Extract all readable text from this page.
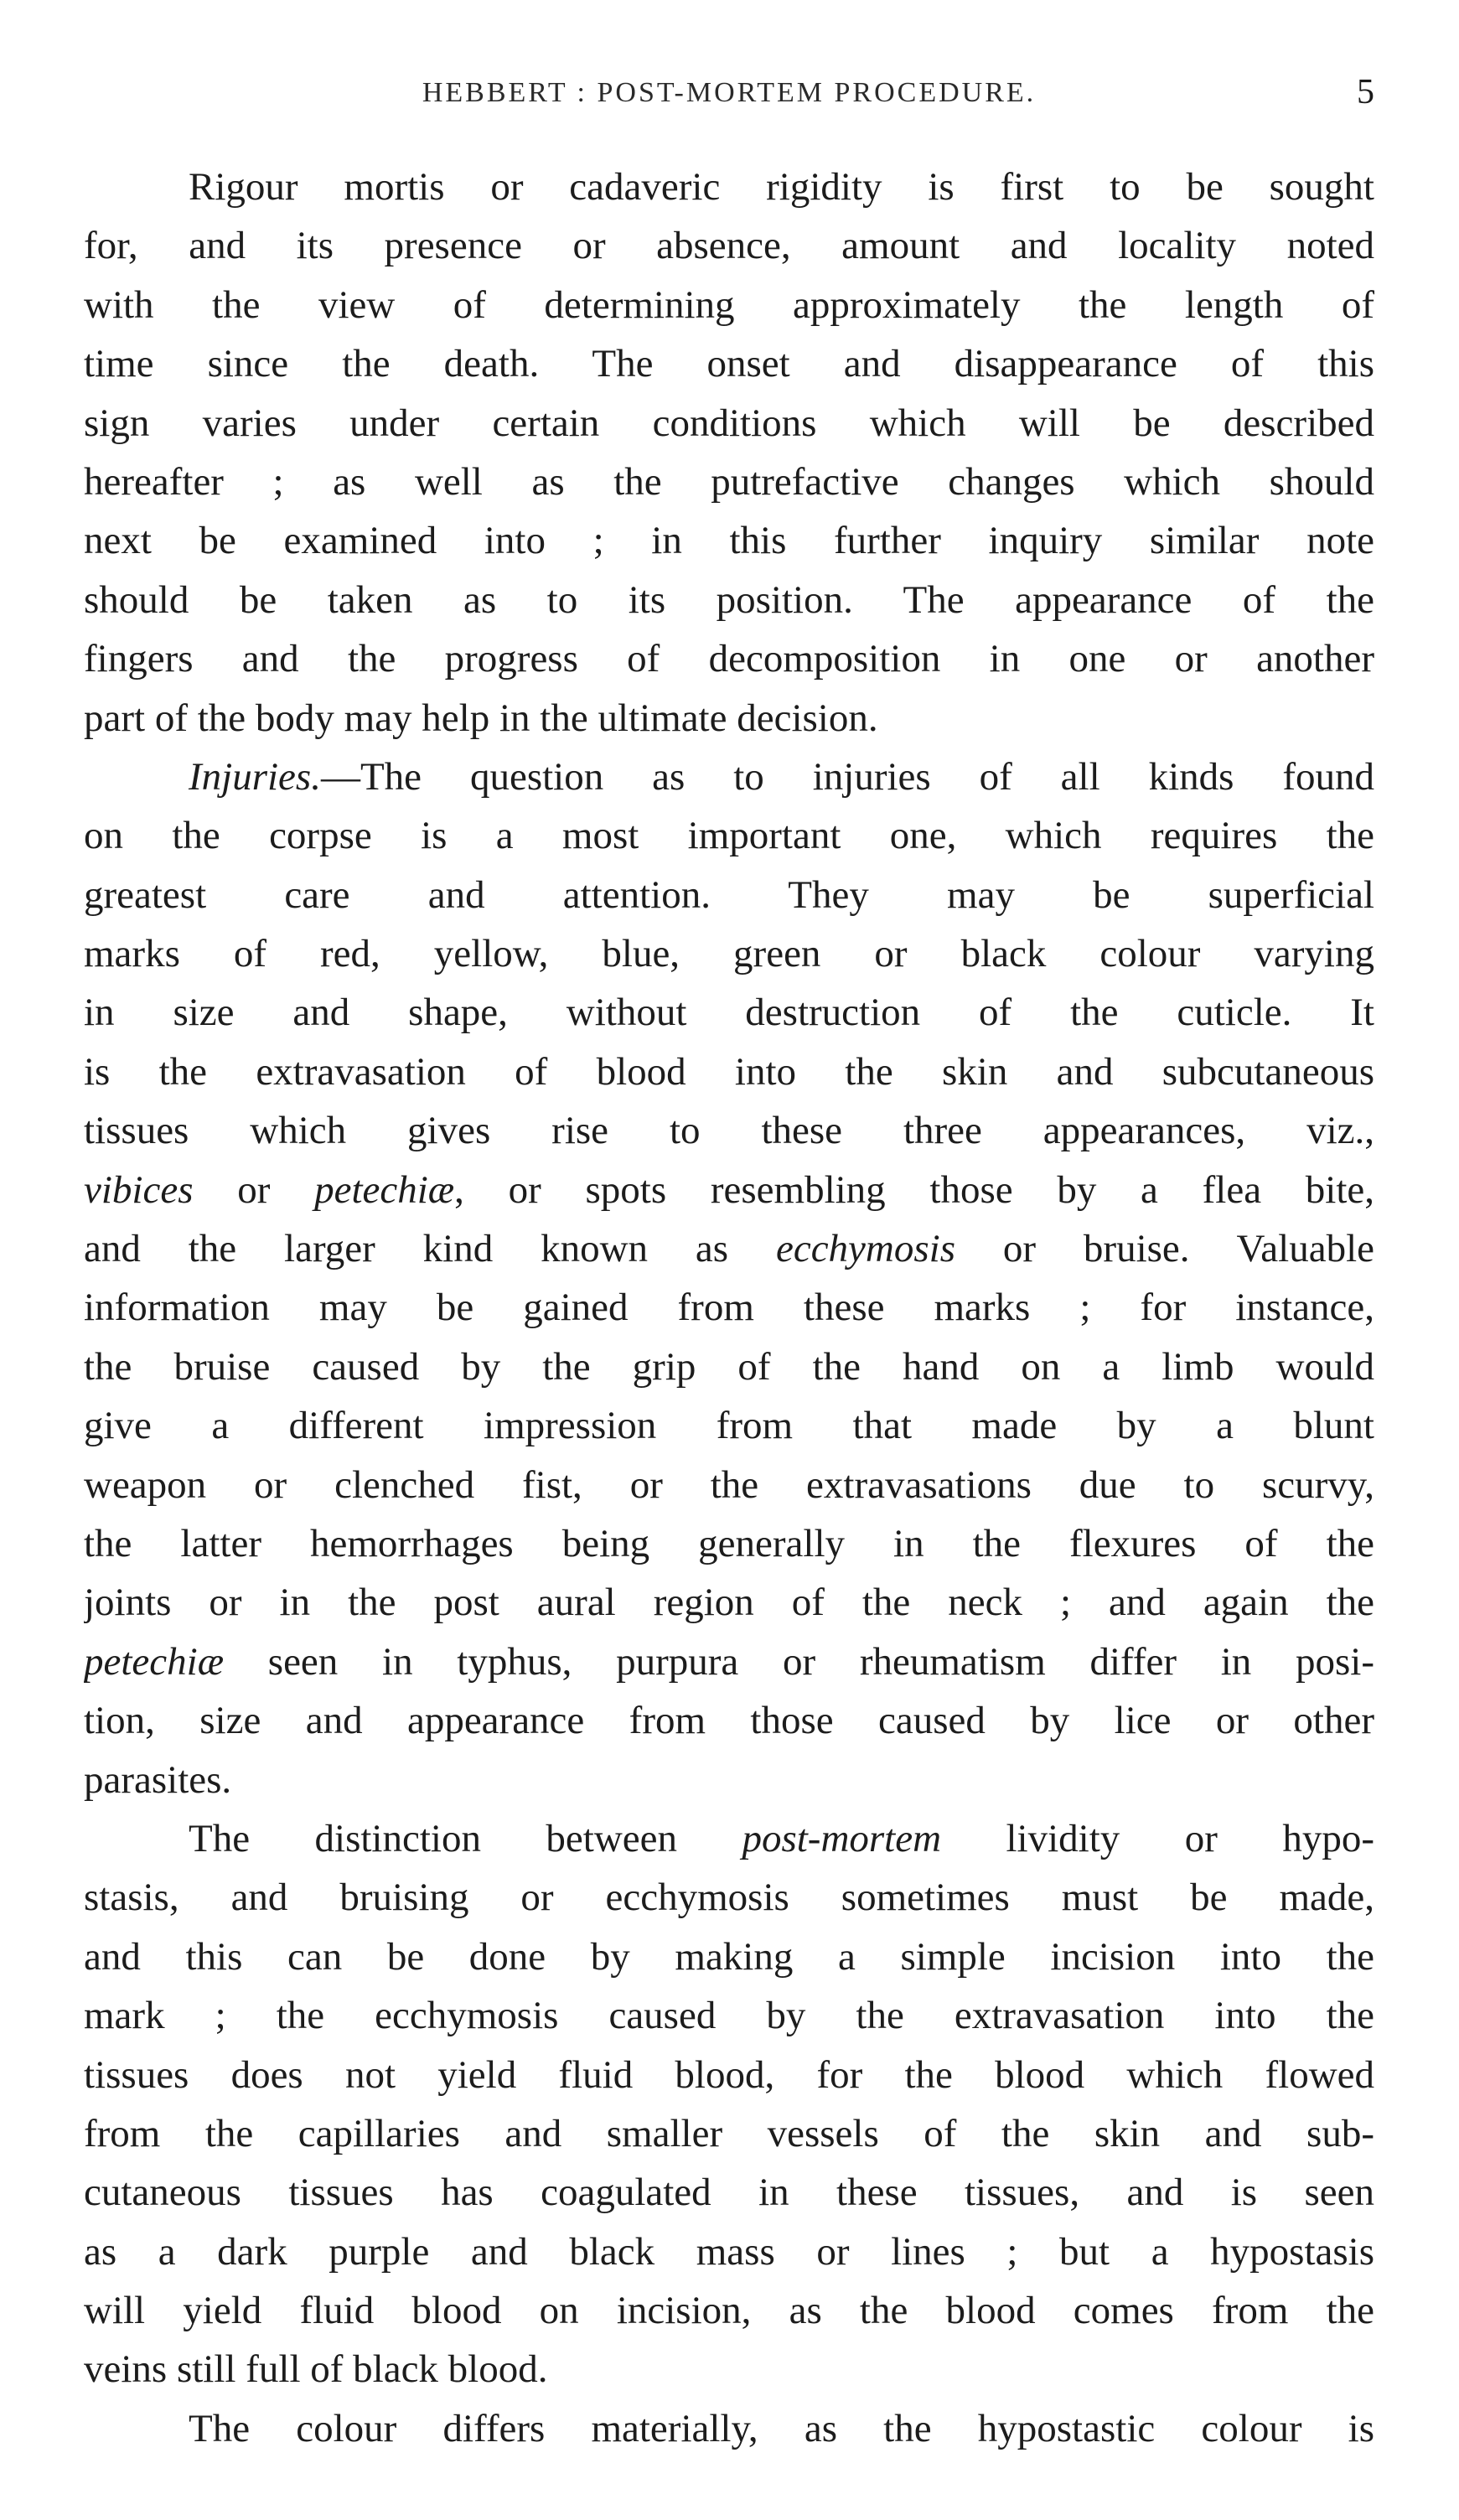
HEBBERT : POST-MORTEM PROCEDURE.	5
Rigour mortis or cadaveric rigidity is first to be sought
for, and its presence or absence, amount and locality noted
with the view of determining approximately the length of
time since the death. The onset and disappearance of this
sign varies under certain conditions which will be described
hereafter ; as well as the putrefactive changes which should
next be examined into ; in this further inquiry similar note
should be taken as to its position. The appearance of the
fingers and the progress of decomposition in one or another
part of the body may help in the ultimate decision.
Injuries.—The question as to injuries of all kinds found
on the corpse is a most important one, which requires the
greatest care and attention. They may be superficial
marks of red, yellow, blue, green or black colour varying
in size and shape, without destruction of the cuticle. It
is the extravasation of blood into the skin and subcutaneous
tissues which gives rise to these three appearances, viz.,
vibices or petechiæ, or spots resembling those by a flea bite,
and the larger kind known as ecchymosis or bruise. Valuable
information may be gained from these marks ; for instance,
the bruise caused by the grip of the hand on a limb would
give a different impression from that made by a blunt
weapon or clenched fist, or the extravasations due to scurvy,
the latter hemorrhages being generally in the flexures of the
joints or in the post aural region of the neck ; and again the
petechiæ seen in typhus, purpura or rheumatism differ in posi-
tion, size and appearance from those caused by lice or other
parasites.
The distinction between post-mortem lividity or hypo-
stasis, and bruising or ecchymosis sometimes must be made,
and this can be done by making a simple incision into the
mark ; the ecchymosis caused by the extravasation into the
tissues does not yield fluid blood, for the blood which flowed
from the capillaries and smaller vessels of the skin and sub-
cutaneous tissues has coagulated in these tissues, and is seen
as a dark purple and black mass or lines ; but a hypostasis
will yield fluid blood on incision, as the blood comes from the
veins still full of black blood.
The colour differs materially, as the hypostastic colour is
